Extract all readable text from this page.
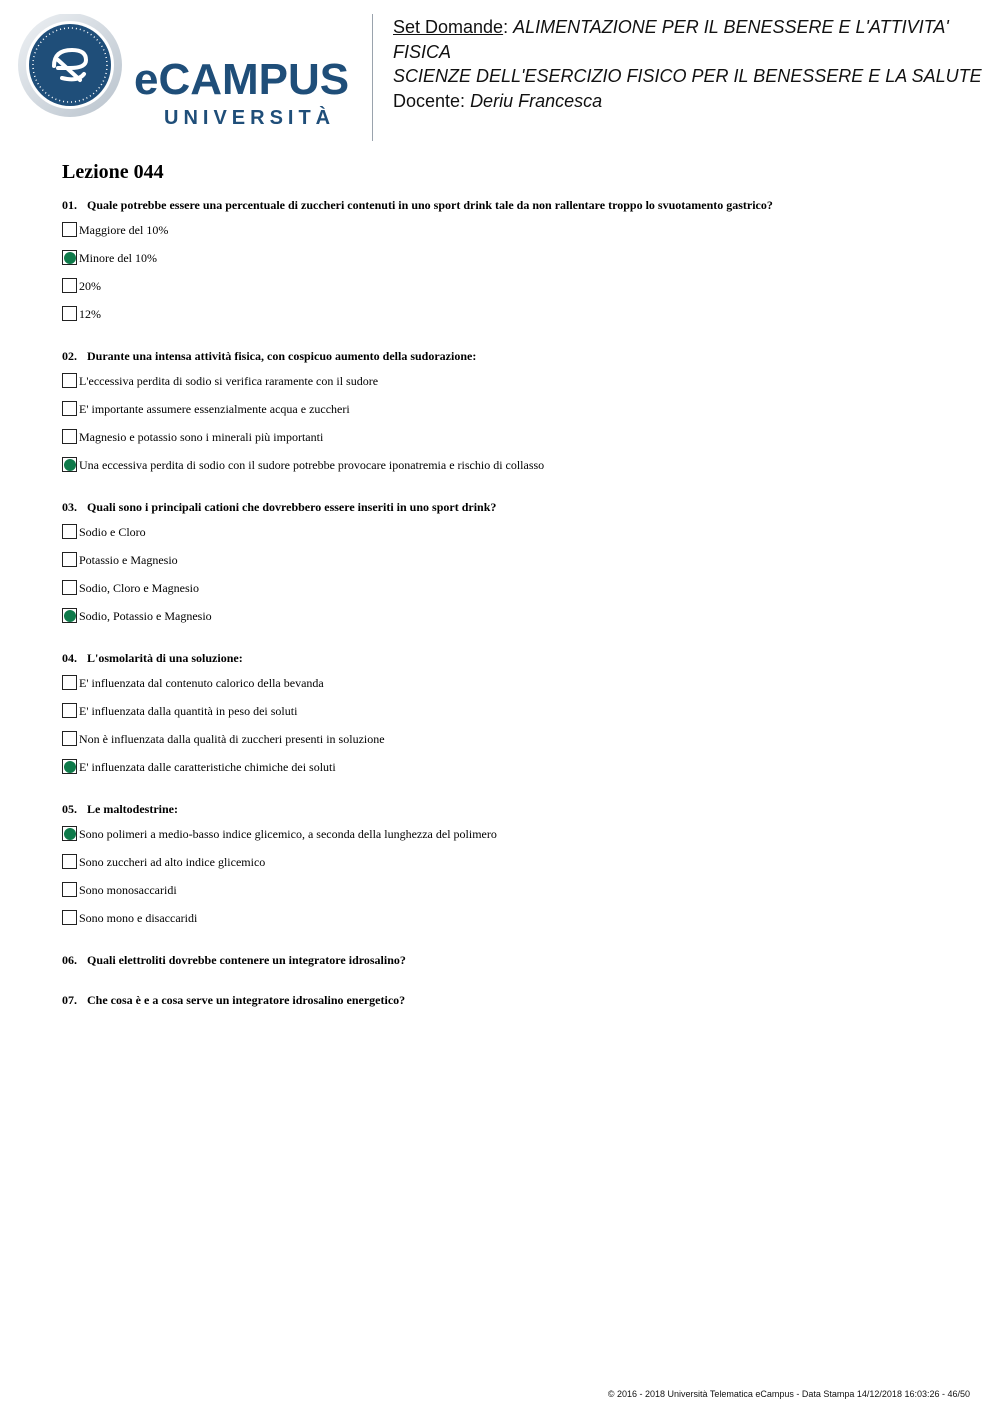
eCAMPUS
UNIVERSITÀ

Set Domande: ALIMENTAZIONE PER IL BENESSERE E L'ATTIVITA' FISICA

SCIENZE DELL'ESERCIZIO FISICO PER IL BENESSERE E LA SALUTE

Docente: Deriu Francesca

Lezione 044

01. Quale potrebbe essere una percentuale di zuccheri contenuti in uno sport drink tale da non rallentare troppo lo svuotamento gastrico?

Maggiore del 10%
Minore del 10%
20%
12%

02. Durante una intensa attività fisica, con cospicuo aumento della sudorazione:

L'eccessiva perdita di sodio si verifica raramente con il sudore
E' importante assumere essenzialmente acqua e zuccheri
Magnesio e potassio sono i minerali più importanti
Una eccessiva perdita di sodio con il sudore potrebbe provocare iponatremia e rischio di collasso

03. Quali sono i principali cationi che dovrebbero essere inseriti in uno sport drink?

Sodio e Cloro
Potassio e Magnesio
Sodio, Cloro e Magnesio
Sodio, Potassio e Magnesio

04. L'osmolarità di una soluzione:

E' influenzata dal contenuto calorico della bevanda
E' influenzata dalla quantità in peso dei soluti
Non è influenzata dalla qualità di zuccheri presenti in soluzione
E' influenzata dalle caratteristiche chimiche dei soluti

05. Le maltodestrine:

Sono polimeri a medio-basso indice glicemico, a seconda della lunghezza del polimero
Sono zuccheri ad alto indice glicemico
Sono monosaccaridi
Sono mono e disaccaridi

06. Quali elettroliti dovrebbe contenere un integratore idrosalino?

07. Che cosa è e a cosa serve un integratore idrosalino energetico?

© 2016 - 2018 Università Telematica eCampus - Data Stampa 14/12/2018 16:03:26 - 46/50
